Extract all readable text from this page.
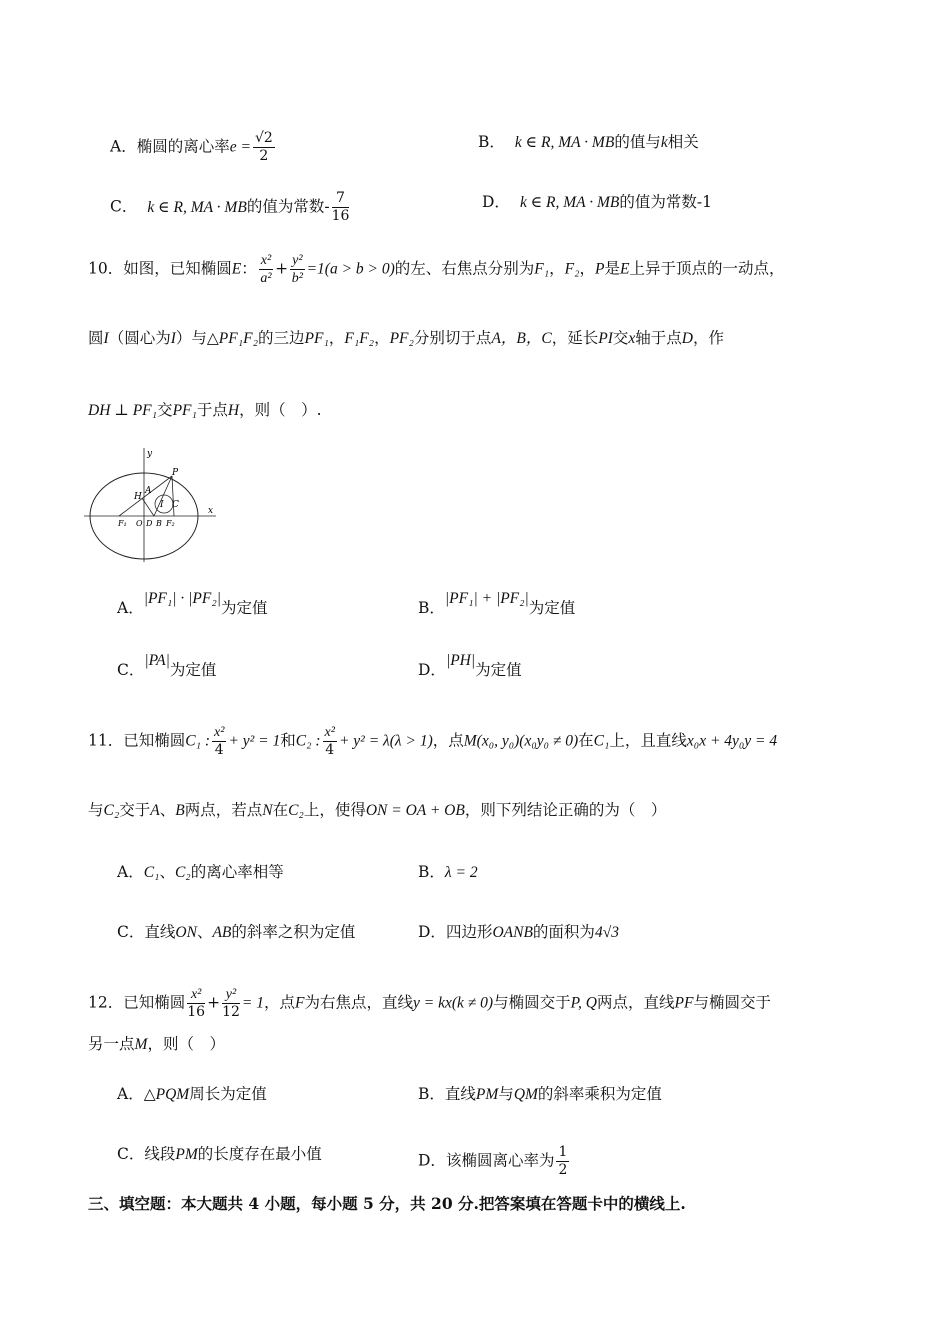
A．椭圆的离心率$e = \frac{√2}{2}$	B． k ∈ R, MA · MB的值与k相关
C． k ∈ R, MA · MB的值为常数- $\frac{7}{16}$	D． k ∈ R, MA · MB的值为常数-1
10．如图，已知椭圆E： $\frac{\text{x²}}{\text{a²}} + \frac{\text{y²}}{\text{b²}} =1(a > b > 0)$的左、右焦点分别为F₁，F₂，P是E上异于顶点的一动点，
圆I（圆心为I）与△PF₁F₂的三边PF₁，F₁F₂，PF₂分别切于点A，B，C，延长PI交x轴于点D，作
DH ⊥ PF₁交PF₁于点H，则（　）.
y
x
P
H
A
I C
F₁ O D B F₂
A．|PF₁| · |PF₂|为定值	B．|PF₁| + |PF₂|为定值
C．|PA|为定值	D．|PH|为定值
11．已知椭圆C₁ : $\frac{\text{x²}}{4} + y^2 = 1$和C₂ : $\frac{\text{x²}}{4} + y^2 = \lambda(\lambda > 1)$，点M(x₀, y₀)(x₀y₀ ≠ 0)在C₁上，且直线x₀x + 4y₀y = 4
与C₂交于A、B两点，若点N在C₂上，使得ON = OA + OB，则下列结论正确的为（　）
A．C₁、C₂的离心率相等	B．λ = 2
C．直线ON、AB的斜率之积为定值	D．四边形OANB的面积为4√3
12．已知椭圆 $\frac{\text{x²}}{16} + \frac{\text{y²}}{12} = 1$，点F为右焦点，直线y = kx(k ≠ 0)与椭圆交于P, Q两点，直线PF与椭圆交于
另一点M，则（　）
A．△PQM周长为定值	B．直线PM与QM的斜率乘积为定值
C．线段PM的长度存在最小值	D．该椭圆离心率为 $\frac{1}{2}$
三、填空题：本大题共 4 小题，每小题 5 分，共 20 分.把答案填在答题卡中的横线上.
